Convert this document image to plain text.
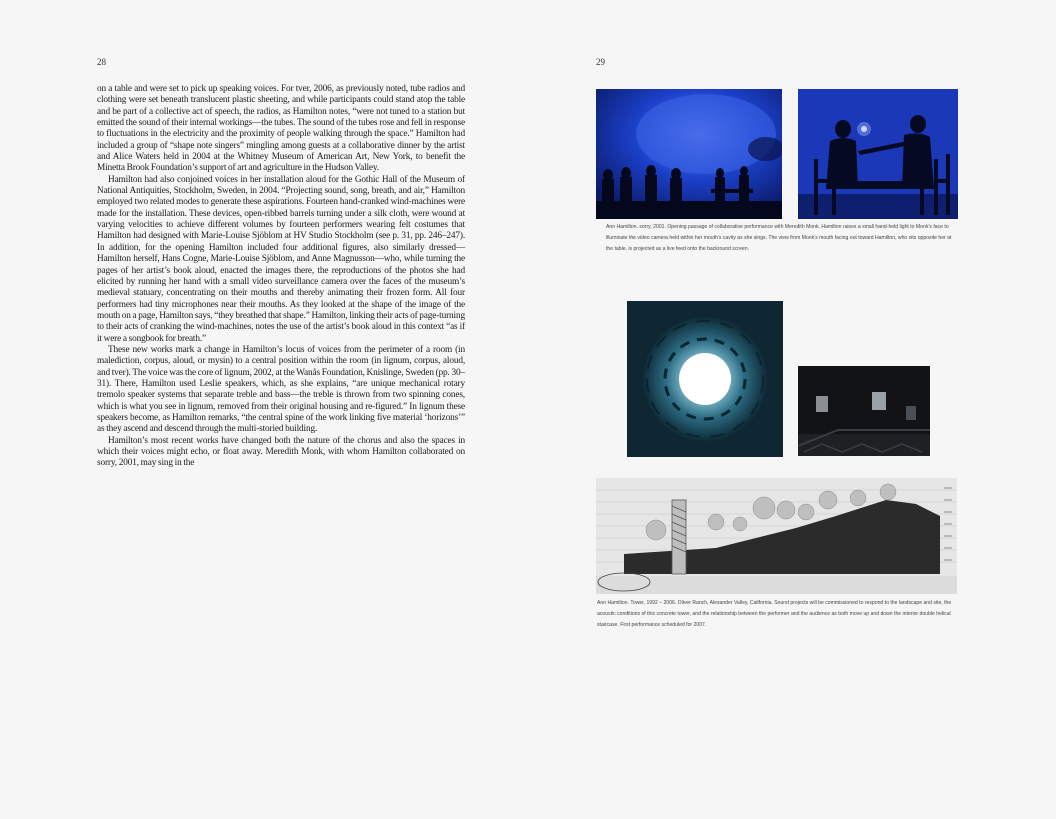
28

on a table and were set to pick up speaking voices. For tver, 2006, as previously noted, tube radios and clothing were set beneath translucent plastic sheeting, and while participants could stand atop the table and be part of a collective act of speech, the radios, as Hamilton notes, “were not tuned to a station but emitted the sound of their internal workings—the tubes. The sound of the tubes rose and fell in response to fluctuations in the electricity and the proximity of people walking through the space.” Hamilton had included a group of “shape note singers” mingling among guests at a collaborative dinner by the artist and Alice Waters held in 2004 at the Whitney Museum of American Art, New York, to benefit the Minetta Brook Foundation’s support of art and agriculture in the Hudson Valley.

Hamilton had also conjoined voices in her installation aloud for the Gothic Hall of the Museum of National Antiquities, Stockholm, Sweden, in 2004. “Projecting sound, song, breath, and air,” Hamilton employed two related modes to generate these aspirations. Fourteen hand-cranked wind-machines were made for the installation. These devices, open-ribbed barrels turning under a silk cloth, were wound at varying velocities to achieve different volumes by fourteen performers wearing felt costumes that Hamilton had designed with Marie-Louise Sjöblom at HV Studio Stockholm (see p. 31, pp. 246–247). In addition, for the opening Hamilton included four additional figures, also similarly dressed—Hamilton herself, Hans Cogne, Marie-Louise Sjöblom, and Anne Magnusson—who, while turning the pages of her artist’s book aloud, enacted the images there, the reproductions of the photos she had elicited by running her hand with a small video surveillance camera over the faces of the museum’s medieval statuary, concentrating on their mouths and thereby animating their frozen form. All four performers had tiny microphones near their mouths. As they looked at the shape of the image of the mouth on a page, Hamilton says, “they breathed that shape.” Hamilton, linking their acts of page-turning to their acts of cranking the wind-machines, notes the use of the artist’s book aloud in this context “as if it were a songbook for breath.”

These new works mark a change in Hamilton’s locus of voices from the perimeter of a room (in malediction, corpus, aloud, or mysin) to a central position within the room (in lignum, corpus, aloud, and tver). The voice was the core of lignum, 2002, at the Wanås Foundation, Knislinge, Sweden (pp. 30–31). There, Hamilton used Leslie speakers, which, as she explains, “are unique mechanical rotary tremolo speaker systems that separate treble and bass—the treble is thrown from two spinning cones, which is what you see in lignum, removed from their original housing and re-figured.” In lignum these speakers become, as Hamilton remarks, “the central spine of the work linking five material ‘horizons’” as they ascend and descend through the multi-storied building.

Hamilton’s most recent works have changed both the nature of the chorus and also the spaces in which their voices might echo, or float away. Meredith Monk, with whom Hamilton collaborated on sorry, 2001, may sing in the

29
Ann Hamilton. sorry, 2001. Opening passage of collaborative performance with Meredith Monk. Hamilton raises a small hand-held light to Monk’s face to illuminate the video camera held within her mouth’s cavity as she sings. The view from Monk’s mouth facing out toward Hamilton, who sits opposite her at the table, is projected as a live feed onto the backround screen.
Ann Hamilton. Tower, 1992 – 2006. Oliver Ranch, Alexander Valley, California. Sound projects will be commissioned to respond to the landscape and site, the acoustic conditions of this concrete tower, and the relationship between the performer and the audience as both move up and down the interior double helical staircase. First performance scheduled for 2007.
